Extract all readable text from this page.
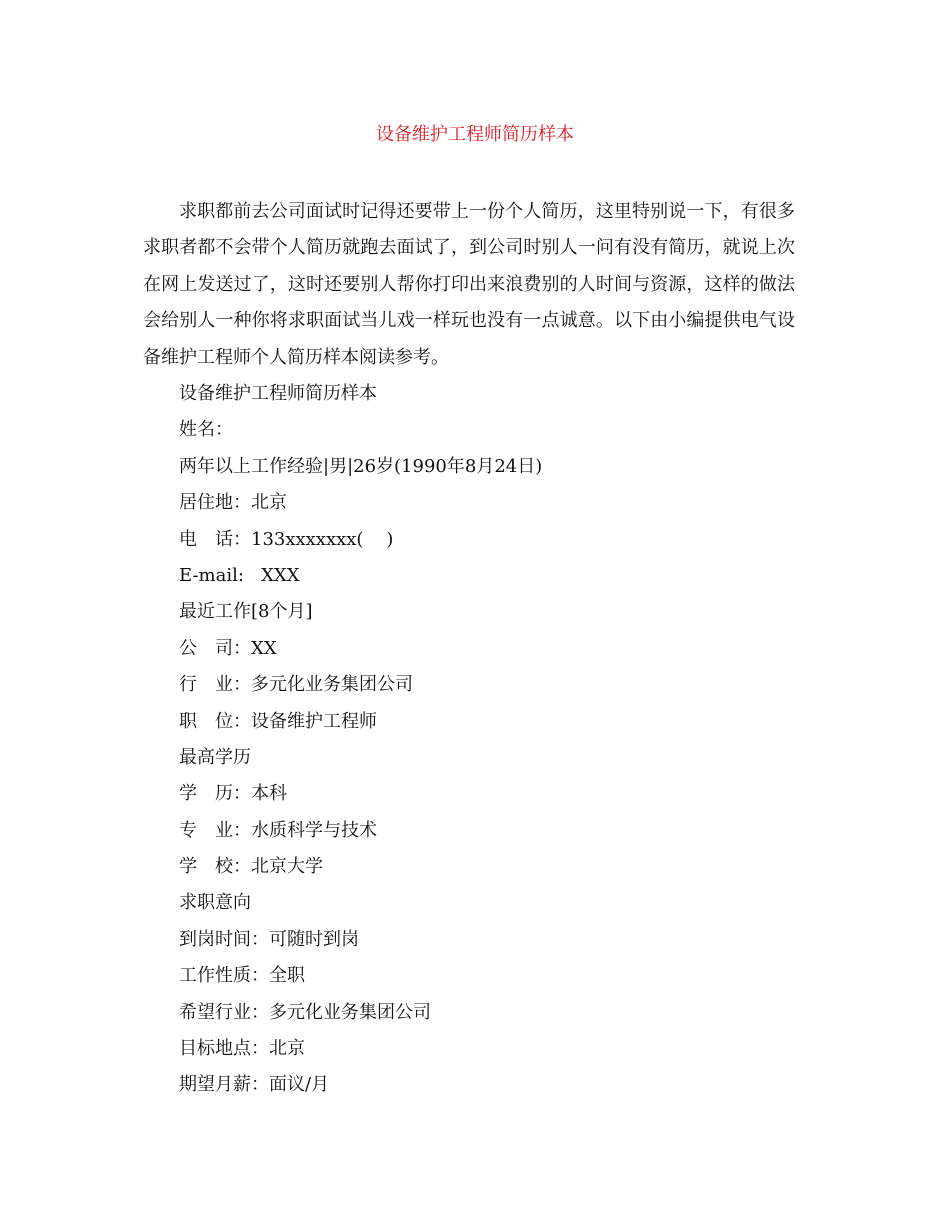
设备维护工程师简历样本

求职都前去公司面试时记得还要带上一份个人简历，这里特别说一下，有很多求职者都不会带个人简历就跑去面试了，到公司时别人一问有没有简历，就说上次在网上发送过了，这时还要别人帮你打印出来浪费别的人时间与资源，这样的做法会给别人一种你将求职面试当儿戏一样玩也没有一点诚意。以下由小编提供电气设备维护工程师个人简历样本阅读参考。

设备维护工程师简历样本
姓名：
两年以上工作经验|男|26岁(1990年8月24日)
居住地：北京
电　话：133xxxxxxx(    )
E-mail:   XXX
最近工作[8个月]
公　司：XX
行　业：多元化业务集团公司
职　位：设备维护工程师
最高学历
学　历：本科
专　业：水质科学与技术
学　校：北京大学
求职意向
到岗时间：可随时到岗
工作性质：全职
希望行业：多元化业务集团公司
目标地点：北京
期望月薪：面议/月
